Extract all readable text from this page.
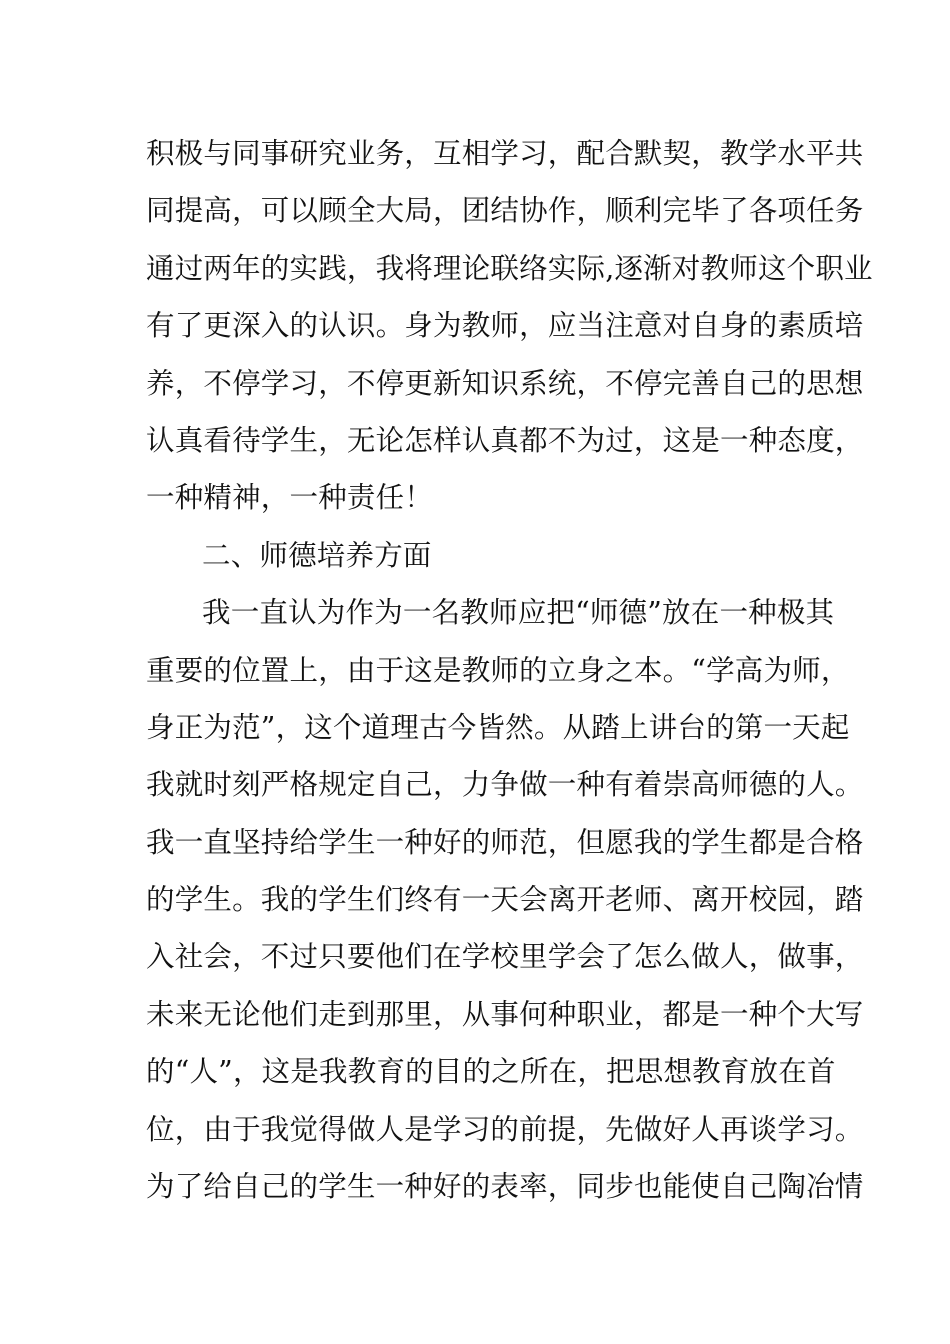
积极与同事研究业务，互相学习，配合默契，教学水平共
同提高，可以顾全大局，团结协作，顺利完毕了各项任务
通过两年的实践，我将理论联络实际,逐渐对教师这个职业
有了更深入的认识。身为教师，应当注意对自身的素质培
养，不停学习，不停更新知识系统，不停完善自己的思想
认真看待学生，无论怎样认真都不为过，这是一种态度，
一种精神，一种责任！
二、师德培养方面
我一直认为作为一名教师应把“师德”放在一种极其
重要的位置上，由于这是教师的立身之本。“学高为师，
身正为范”，这个道理古今皆然。从踏上讲台的第一天起
我就时刻严格规定自己，力争做一种有着崇高师德的人。
我一直坚持给学生一种好的师范，但愿我的学生都是合格
的学生。我的学生们终有一天会离开老师、离开校园，踏
入社会，不过只要他们在学校里学会了怎么做人，做事，
未来无论他们走到那里，从事何种职业，都是一种个大写
的“人”，这是我教育的目的之所在，把思想教育放在首
位，由于我觉得做人是学习的前提，先做好人再谈学习。
为了给自己的学生一种好的表率，同步也能使自己陶冶情
